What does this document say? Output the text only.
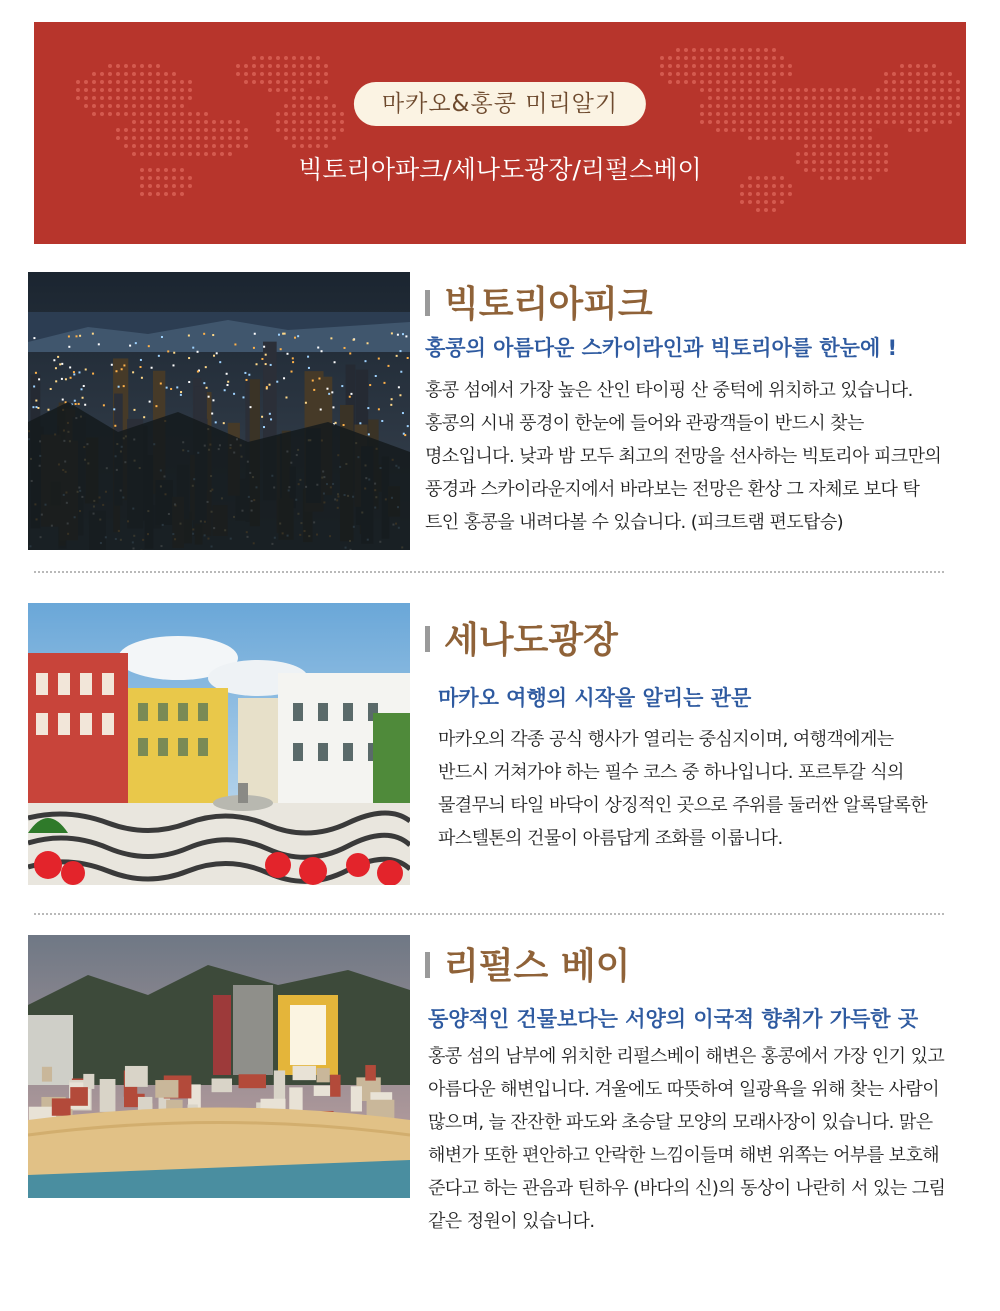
마카오&홍콩 미리알기
빅토리아파크/세나도광장/리펄스베이
빅토리아피크
홍콩의 아름다운 스카이라인과 빅토리아를 한눈에 !

홍콩 섬에서 가장 높은 산인 타이핑 산 중턱에 위치하고 있습니다.
홍콩의 시내 풍경이 한눈에 들어와 관광객들이 반드시 찾는
명소입니다. 낮과 밤 모두 최고의 전망을 선사하는 빅토리아 피크만의
풍경과 스카이라운지에서 바라보는 전망은 환상 그 자체로 보다 탁
트인 홍콩을 내려다볼 수 있습니다. (피크트램 편도탑승)

세나도광장
마카오 여행의 시작을 알리는 관문

마카오의 각종 공식 행사가 열리는 중심지이며, 여행객에게는
반드시 거쳐가야 하는 필수 코스 중 하나입니다. 포르투갈 식의
물결무늬 타일 바닥이 상징적인 곳으로 주위를 둘러싼 알록달록한
파스텔톤의 건물이 아름답게 조화를 이룹니다.

리펄스 베이
동양적인 건물보다는 서양의 이국적 향취가 가득한 곳

홍콩 섬의 남부에 위치한 리펄스베이 해변은 홍콩에서 가장 인기 있고
아름다운 해변입니다. 겨울에도 따뜻하여 일광욕을 위해 찾는 사람이
많으며, 늘 잔잔한 파도와 초승달 모양의 모래사장이 있습니다. 맑은
해변가 또한 편안하고 안락한 느낌이들며 해변 위쪽는 어부를 보호해
준다고 하는 관음과 틴하우 (바다의 신)의 동상이 나란히 서 있는 그림
같은 정원이 있습니다.
